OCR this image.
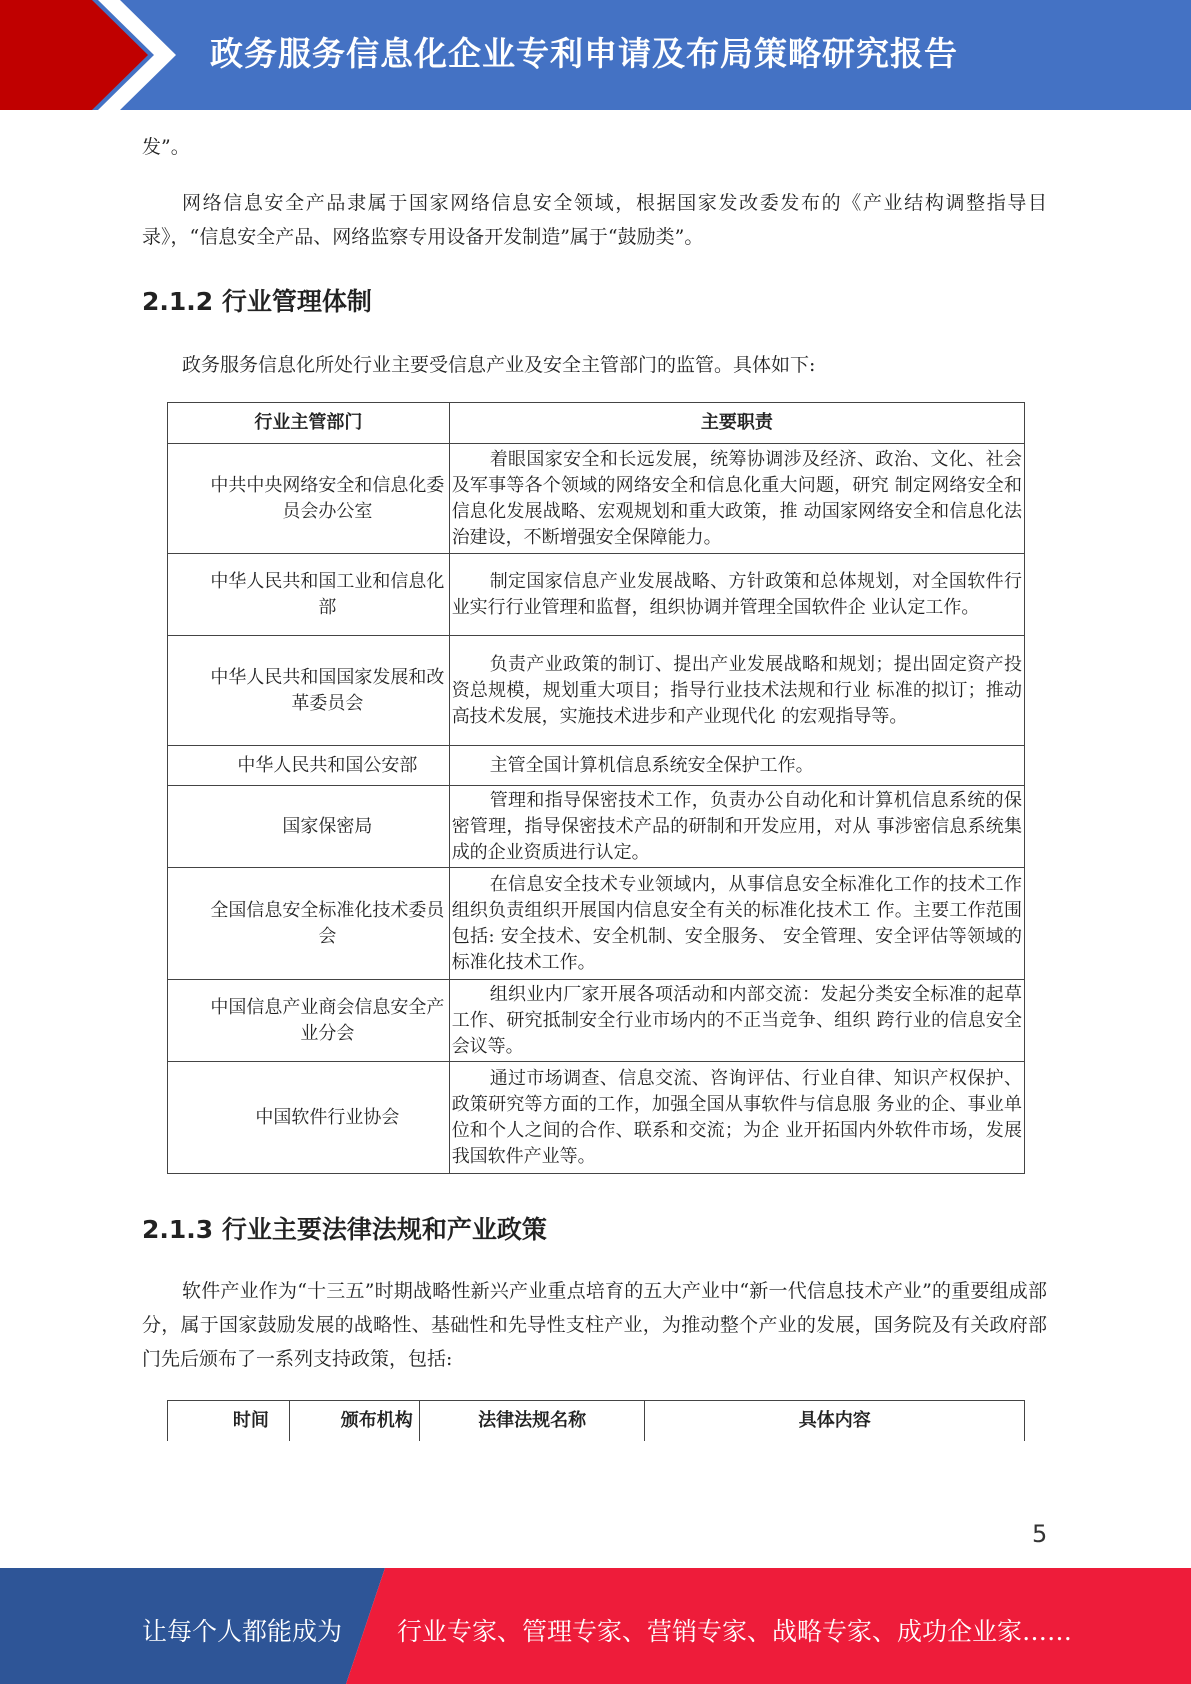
政务服务信息化企业专利申请及布局策略研究报告

发”。

网络信息安全产品隶属于国家网络信息安全领域，根据国家发改委发布的《产业结构调整指导目录》，“信息安全产品、网络监察专用设备开发制造”属于“鼓励类”。

2.1.2 行业管理体制

政务服务信息化所处行业主要受信息产业及安全主管部门的监管。具体如下:

行业主管部门	主要职责
中共中央网络安全和信息化委员会办公室	着眼国家安全和长远发展，统筹协调涉及经济、政治、文化、社会及军事等各个领域的网络安全和信息化重大问题，研究 制定网络安全和信息化发展战略、宏观规划和重大政策，推 动国家网络安全和信息化法治建设，不断增强安全保障能力。
中华人民共和国工业和信息化部	制定国家信息产业发展战略、方针政策和总体规划，对全国软件行业实行行业管理和监督，组织协调并管理全国软件企 业认定工作。
中华人民共和国国家发展和改革委员会	负责产业政策的制订、提出产业发展战略和规划；提出固定资产投资总规模，规划重大项目；指导行业技术法规和行业 标准的拟订；推动高技术发展，实施技术进步和产业现代化 的宏观指导等。
中华人民共和国公安部	主管全国计算机信息系统安全保护工作。
国家保密局	管理和指导保密技术工作，负责办公自动化和计算机信息系统的保密管理，指导保密技术产品的研制和开发应用，对从 事涉密信息系统集成的企业资质进行认定。
全国信息安全标准化技术委员会	在信息安全技术专业领域内，从事信息安全标准化工作的技术工作组织负责组织开展国内信息安全有关的标准化技术工 作。主要工作范围包括: 安全技术、安全机制、安全服务、 安全管理、安全评估等领域的标准化技术工作。
中国信息产业商会信息安全产业分会	组织业内厂家开展各项活动和内部交流：发起分类安全标准的起草工作、研究抵制安全行业市场内的不正当竞争、组织 跨行业的信息安全会议等。
中国软件行业协会	通过市场调查、信息交流、咨询评估、行业自律、知识产权保护、政策研究等方面的工作，加强全国从事软件与信息服 务业的企、事业单位和个人之间的合作、联系和交流；为企 业开拓国内外软件市场，发展我国软件产业等。
2.1.3 行业主要法律法规和产业政策

软件产业作为“十三五”时期战略性新兴产业重点培育的五大产业中“新一代信息技术产业”的重要组成部分，属于国家鼓励发展的战略性、基础性和先导性支柱产业，为推动整个产业的发展，国务院及有关政府部门先后颁布了一系列支持政策，包括:

时间	颁布机构	法律法规名称	具体内容
5
让每个人都能成为 行业专家、管理专家、营销专家、战略专家、成功企业家……
